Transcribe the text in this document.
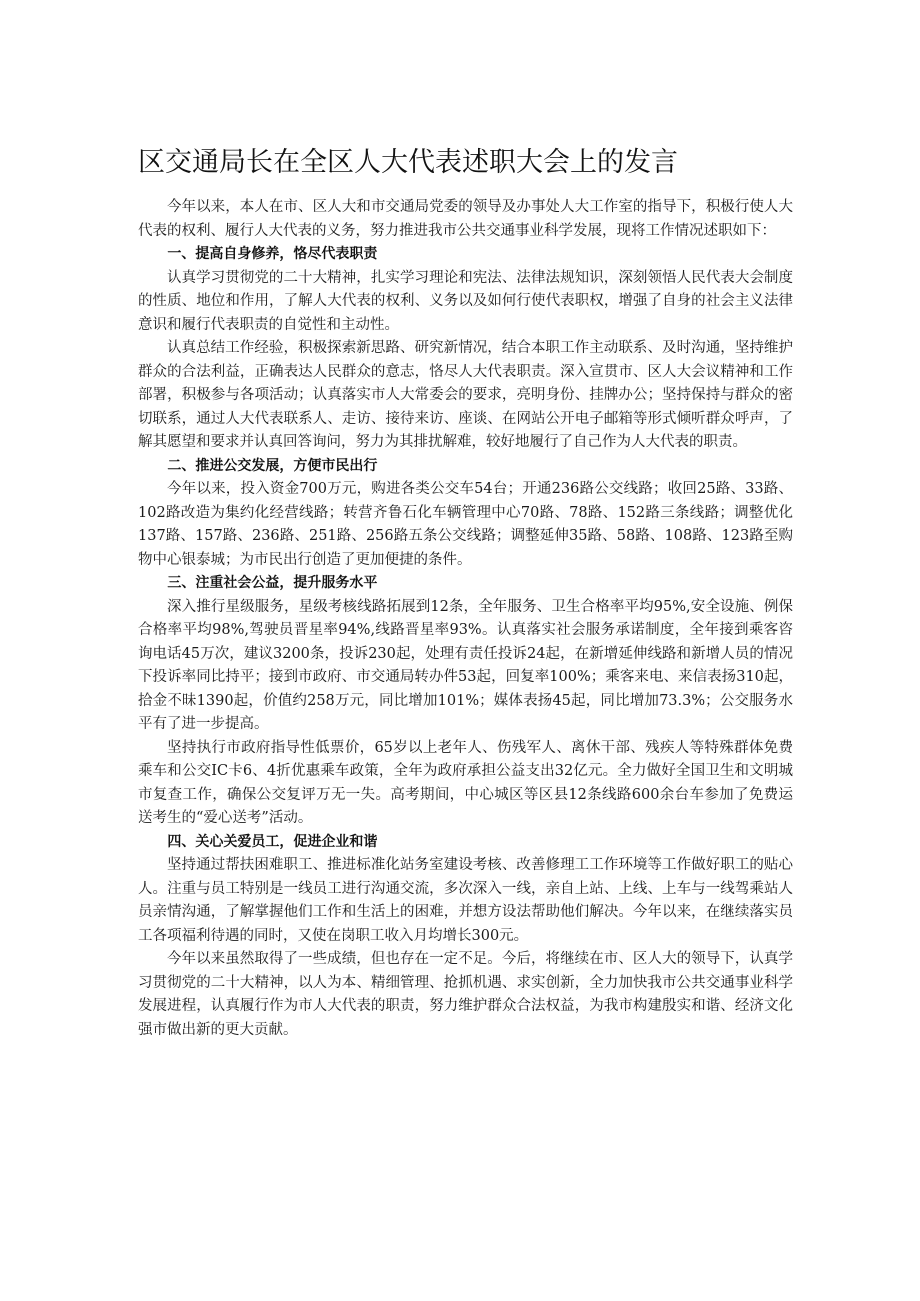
区交通局长在全区人大代表述职大会上的发言

今年以来，本人在市、区人大和市交通局党委的领导及办事处人大工作室的指导下，积极行使人大代表的权利、履行人大代表的义务，努力推进我市公共交通事业科学发展，现将工作情况述职如下：

一、提高自身修养，恪尽代表职责

认真学习贯彻党的二十大精神，扎实学习理论和宪法、法律法规知识，深刻领悟人民代表大会制度的性质、地位和作用，了解人大代表的权利、义务以及如何行使代表职权，增强了自身的社会主义法律意识和履行代表职责的自觉性和主动性。

认真总结工作经验，积极探索新思路、研究新情况，结合本职工作主动联系、及时沟通，坚持维护群众的合法利益，正确表达人民群众的意志，恪尽人大代表职责。深入宣贯市、区人大会议精神和工作部署，积极参与各项活动；认真落实市人大常委会的要求，亮明身份、挂牌办公；坚持保持与群众的密切联系，通过人大代表联系人、走访、接待来访、座谈、在网站公开电子邮箱等形式倾听群众呼声，了解其愿望和要求并认真回答询问，努力为其排扰解难，较好地履行了自己作为人大代表的职责。

二、推进公交发展，方便市民出行

今年以来，投入资金700万元，购进各类公交车54台；开通236路公交线路；收回25路、33路、102路改造为集约化经营线路；转营齐鲁石化车辆管理中心70路、78路、152路三条线路；调整优化137路、157路、236路、251路、256路五条公交线路；调整延伸35路、58路、108路、123路至购物中心银泰城；为市民出行创造了更加便捷的条件。

三、注重社会公益，提升服务水平

深入推行星级服务，星级考核线路拓展到12条，全年服务、卫生合格率平均95%,安全设施、例保合格率平均98%,驾驶员晋星率94%,线路晋星率93%。认真落实社会服务承诺制度，全年接到乘客咨询电话45万次，建议3200条，投诉230起，处理有责任投诉24起，在新增延伸线路和新增人员的情况下投诉率同比持平；接到市政府、市交通局转办件53起，回复率100%；乘客来电、来信表扬310起，拾金不昧1390起，价值约258万元，同比增加101%；媒体表扬45起，同比增加73.3%；公交服务水平有了进一步提高。

坚持执行市政府指导性低票价，65岁以上老年人、伤残军人、离休干部、残疾人等特殊群体免费乘车和公交IC卡6、4折优惠乘车政策，全年为政府承担公益支出32亿元。全力做好全国卫生和文明城市复查工作，确保公交复评万无一失。高考期间，中心城区等区县12条线路600余台车参加了免费运送考生的“爱心送考”活动。

四、关心关爱员工，促进企业和谐

坚持通过帮扶困难职工、推进标准化站务室建设考核、改善修理工工作环境等工作做好职工的贴心人。注重与员工特别是一线员工进行沟通交流，多次深入一线，亲自上站、上线、上车与一线驾乘站人员亲情沟通，了解掌握他们工作和生活上的困难，并想方设法帮助他们解决。今年以来，在继续落实员工各项福利待遇的同时，又使在岗职工收入月均增长300元。

今年以来虽然取得了一些成绩，但也存在一定不足。今后，将继续在市、区人大的领导下，认真学习贯彻党的二十大精神，以人为本、精细管理、抢抓机遇、求实创新，全力加快我市公共交通事业科学发展进程，认真履行作为市人大代表的职责，努力维护群众合法权益，为我市构建殷实和谐、经济文化强市做出新的更大贡献。
